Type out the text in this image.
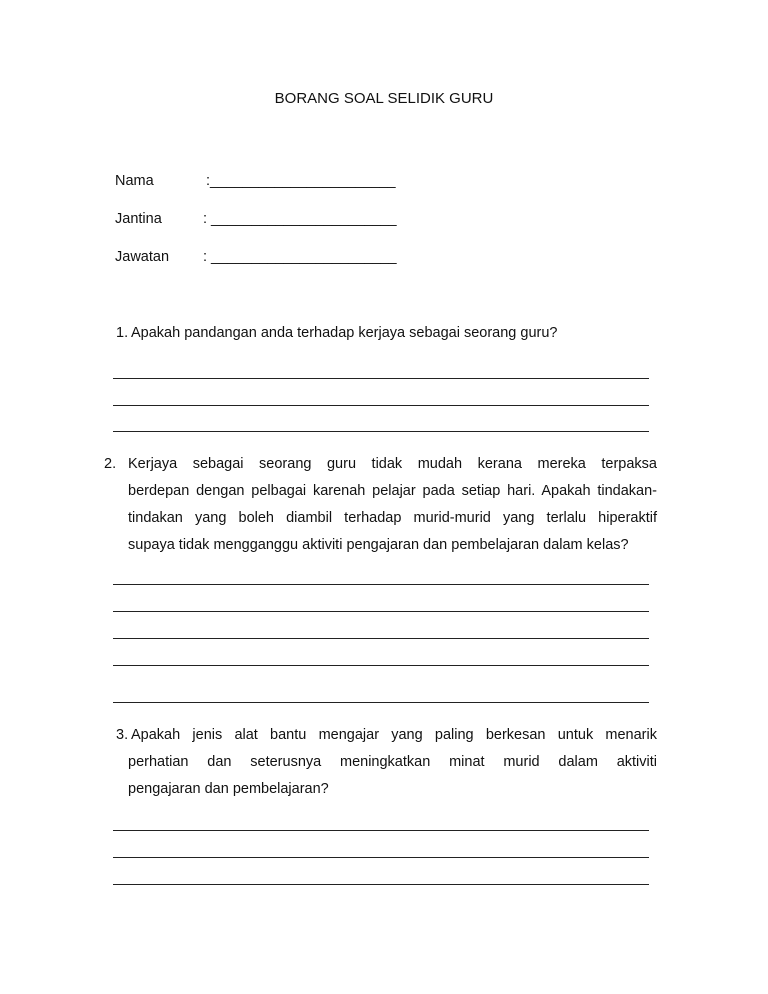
BORANG SOAL SELIDIK GURU
Nama	:_______________________
Jantina	: _______________________
Jawatan : _______________________
1. Apakah pandangan anda terhadap kerjaya sebagai seorang guru?
2. Kerjaya sebagai seorang guru tidak mudah kerana mereka terpaksa
berdepan dengan pelbagai karenah pelajar pada setiap hari. Apakah tindakan-
tindakan yang boleh diambil terhadap murid-murid yang terlalu hiperaktif
supaya tidak mengganggu aktiviti pengajaran dan pembelajaran dalam kelas?
3. Apakah jenis alat bantu mengajar yang paling berkesan untuk menarik
perhatian dan seterusnya meningkatkan minat murid dalam aktiviti
pengajaran dan pembelajaran?
